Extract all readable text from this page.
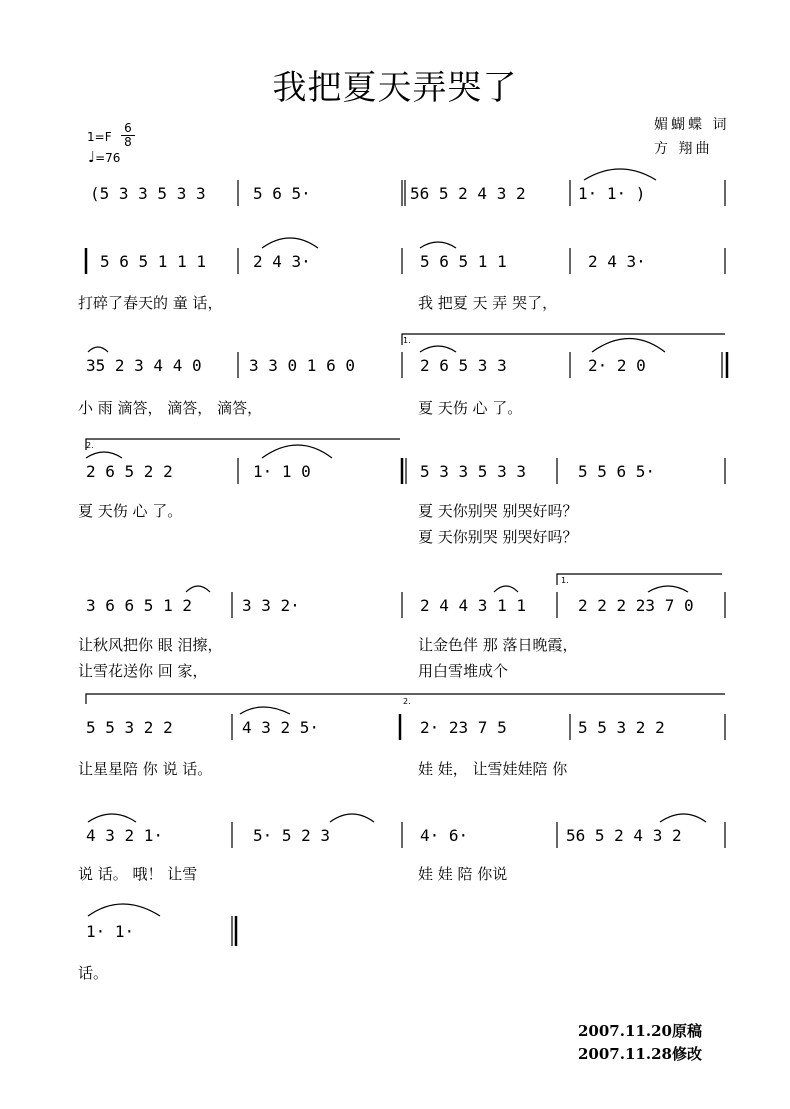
我把夏天弄哭了
媚蝴蝶 词
方 翔曲
$1=F \frac{6}{8}$
♩=76
(5 3 3 5 3 3	5 6 5·	56 5 2 4 3 2	1· 1· )
5 6 5 1 1 1	2 4 3·	5 6 5 1 1	2 4 3·
打碎了春天的 童 话，	我 把夏 天 弄 哭了，
35 2 3 4 4 0	3 3 0 1 6 0	2 6 5 3 3	2· 2 0
小 雨 滴答， 滴答， 滴答，	夏 天伤 心 了。
2 6 5 2 2	1· 1 0	5 3 3 5 3 3	5 5 6 5·
夏 天伤 心 了。	夏 天你别哭 别哭好吗？
夏 天你别哭 别哭好吗？
3 6 6 5 1 2	3 3 2·	2 4 4 3 1 1	2 2 2 23 7 0
让秋风把你 眼 泪擦，	让金色伴 那 落日晚霞，
让雪花送你 回 家，	用白雪堆成个
5 5 3 2 2	4 3 2 5·	2· 23 7 5	5 5 3 2 2
让星星陪 你 说 话。	娃 娃， 让雪娃娃陪 你
4 3 2 1·	5· 5 2 3	4· 6·	56 5 2 4 3 2
说 话。 哦！ 让雪	娃 娃 陪 你说
1· 1·
话。
1.
2.
1.
2.
2007.11.20原稿
2007.11.28修改
